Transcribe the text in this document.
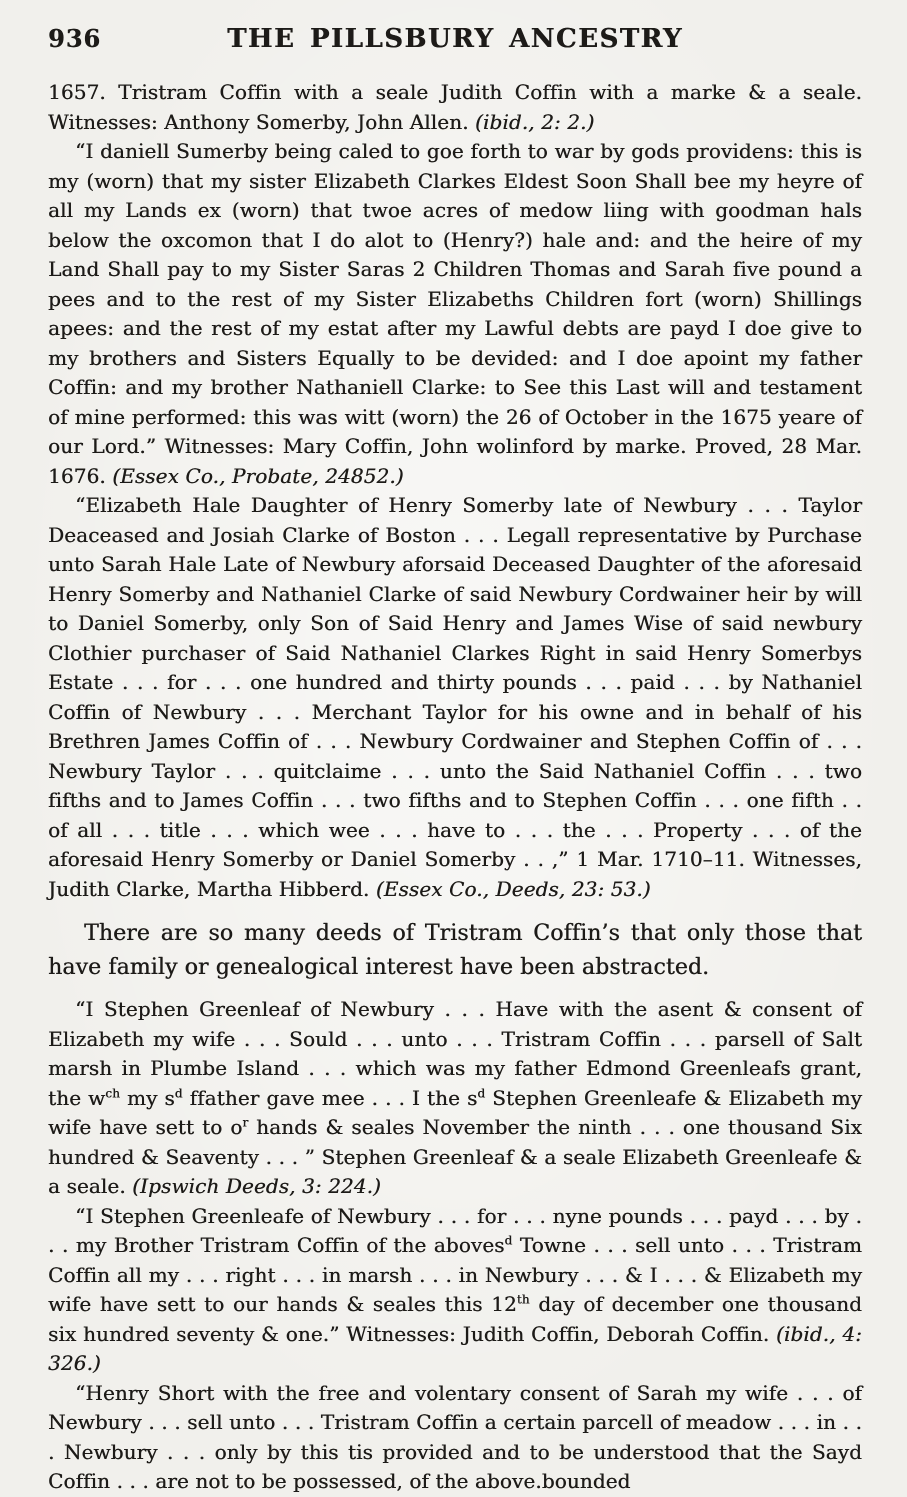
936	THE PILLSBURY ANCESTRY

1657. Tristram Coffin with a seale Judith Coffin with a marke & a seale. Witnesses: Anthony Somerby, John Allen. (ibid., 2: 2.)

“I daniell Sumerby being caled to goe forth to war by gods providens: this is my (worn) that my sister Elizabeth Clarkes Eldest Soon Shall bee my heyre of all my Lands ex (worn) that twoe acres of medow liing with goodman hals below the oxcomon that I do alot to (Henry?) hale and: and the heire of my Land Shall pay to my Sister Saras 2 Children Thomas and Sarah five pound a pees and to the rest of my Sister Elizabeths Children fort (worn) Shillings apees: and the rest of my estat after my Lawful debts are payd I doe give to my brothers and Sisters Equally to be devided: and I doe apoint my father Coffin: and my brother Nathaniell Clarke: to See this Last will and testament of mine performed: this was witt (worn) the 26 of October in the 1675 yeare of our Lord.” Witnesses: Mary Coffin, John wolinford by marke. Proved, 28 Mar. 1676. (Essex Co., Probate, 24852.)

“Elizabeth Hale Daughter of Henry Somerby late of Newbury . . . Taylor Deaceased and Josiah Clarke of Boston . . . Legall representative by Purchase unto Sarah Hale Late of Newbury aforsaid Deceased Daughter of the aforesaid Henry Somerby and Nathaniel Clarke of said Newbury Cordwainer heir by will to Daniel Somerby, only Son of Said Henry and James Wise of said newbury Clothier purchaser of Said Nathaniel Clarkes Right in said Henry Somerbys Estate . . . for . . . one hundred and thirty pounds . . . paid . . . by Nathaniel Coffin of Newbury . . . Merchant Taylor for his owne and in behalf of his Brethren James Coffin of . . . Newbury Cordwainer and Stephen Coffin of . . . Newbury Taylor . . . quitclaime . . . unto the Said Nathaniel Coffin . . . two fifths and to James Coffin . . . two fifths and to Stephen Coffin . . . one fifth . . of all . . . title . . . which wee . . . have to . . . the . . . Property . . . of the aforesaid Henry Somerby or Daniel Somerby . . ,” 1 Mar. 1710–11. Witnesses, Judith Clarke, Martha Hibberd. (Essex Co., Deeds, 23: 53.)

There are so many deeds of Tristram Coffin’s that only those that have family or genealogical interest have been abstracted.

“I Stephen Greenleaf of Newbury . . . Have with the asent & consent of Elizabeth my wife . . . Sould . . . unto . . . Tristram Coffin . . . parsell of Salt marsh in Plumbe Island . . . which was my father Edmond Greenleafs grant, the $w^{ch}$ my $s^d$ ffather gave mee . . . I the $s^d$ Stephen Greenleafe & Elizabeth my wife have sett to $o^r$ hands & seales November the ninth . . . one thousand Six hundred & Seaventy . . . ” Stephen Greenleaf & a seale Elizabeth Greenleafe & a seale. (Ipswich Deeds, 3: 224.)

“I Stephen Greenleafe of Newbury . . . for . . . nyne pounds . . . payd . . . by . . . my Brother Tristram Coffin of the aboves$^d$ Towne . . . sell unto . . . Tristram Coffin all my . . . right . . . in marsh . . . in Newbury . . . & I . . . & Elizabeth my wife have sett to our hands & seales this 12th day of december one thousand six hundred seventy & one.” Witnesses: Judith Coffin, Deborah Coffin. (ibid., 4: 326.)

“Henry Short with the free and volentary consent of Sarah my wife . . . of Newbury . . . sell unto . . . Tristram Coffin a certain parcell of meadow . . . in . . . Newbury . . . only by this tis provided and to be understood that the Sayd Coffin . . . are not to be possessed, of the above.bounded
